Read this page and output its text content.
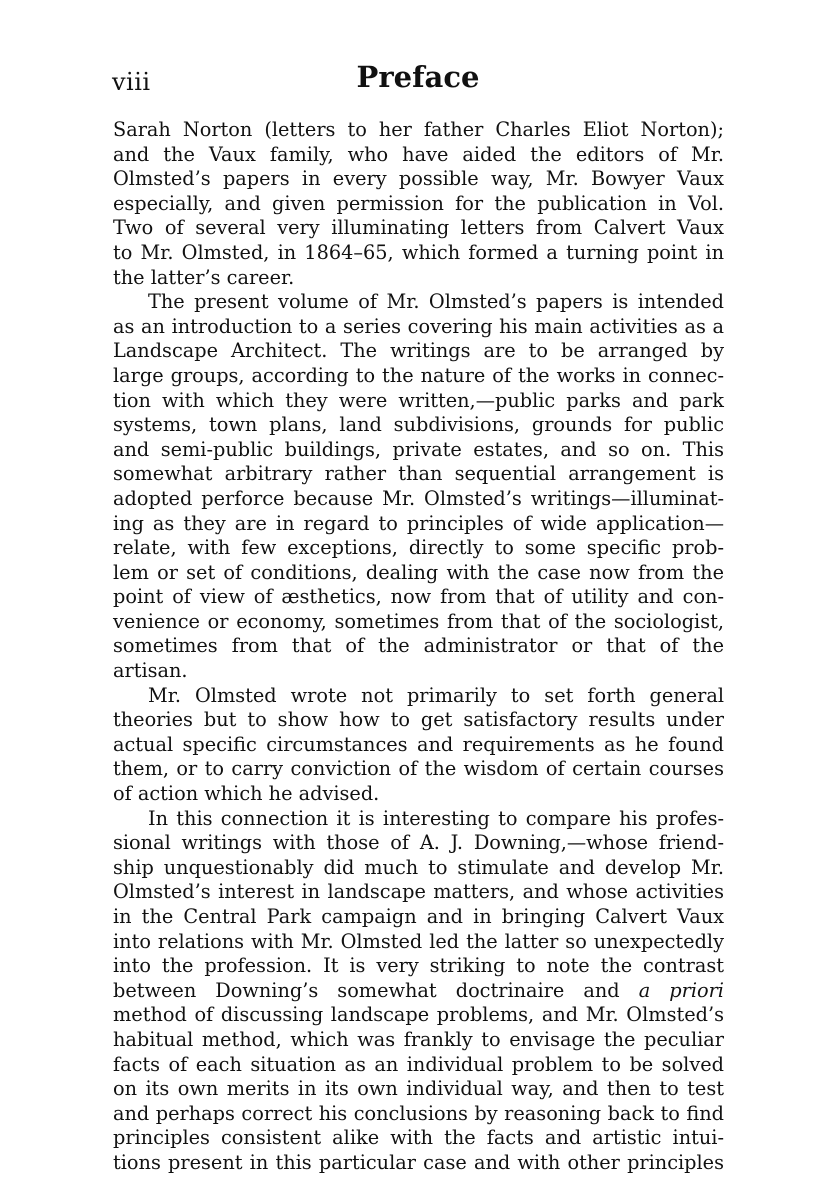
viii	Preface
Sarah Norton (letters to her father Charles Eliot Norton);
and the Vaux family, who have aided the editors of Mr.
Olmsted’s papers in every possible way, Mr. Bowyer Vaux
especially, and given permission for the publication in Vol.
Two of several very illuminating letters from Calvert Vaux
to Mr. Olmsted, in 1864–65, which formed a turning point in
the latter’s career.
The present volume of Mr. Olmsted’s papers is intended
as an introduction to a series covering his main activities as a
Landscape Architect. The writings are to be arranged by
large groups, according to the nature of the works in connec-
tion with which they were written,—public parks and park
systems, town plans, land subdivisions, grounds for public
and semi-public buildings, private estates, and so on. This
somewhat arbitrary rather than sequential arrangement is
adopted perforce because Mr. Olmsted’s writings—illuminat-
ing as they are in regard to principles of wide application—
relate, with few exceptions, directly to some specific prob-
lem or set of conditions, dealing with the case now from the
point of view of æsthetics, now from that of utility and con-
venience or economy, sometimes from that of the sociologist,
sometimes from that of the administrator or that of the
artisan.
Mr. Olmsted wrote not primarily to set forth general
theories but to show how to get satisfactory results under
actual specific circumstances and requirements as he found
them, or to carry conviction of the wisdom of certain courses
of action which he advised.
In this connection it is interesting to compare his profes-
sional writings with those of A. J. Downing,—whose friend-
ship unquestionably did much to stimulate and develop Mr.
Olmsted’s interest in landscape matters, and whose activities
in the Central Park campaign and in bringing Calvert Vaux
into relations with Mr. Olmsted led the latter so unexpectedly
into the profession. It is very striking to note the contrast
between Downing’s somewhat doctrinaire and a priori
method of discussing landscape problems, and Mr. Olmsted’s
habitual method, which was frankly to envisage the peculiar
facts of each situation as an individual problem to be solved
on its own merits in its own individual way, and then to test
and perhaps correct his conclusions by reasoning back to find
principles consistent alike with the facts and artistic intui-
tions present in this particular case and with other principles
